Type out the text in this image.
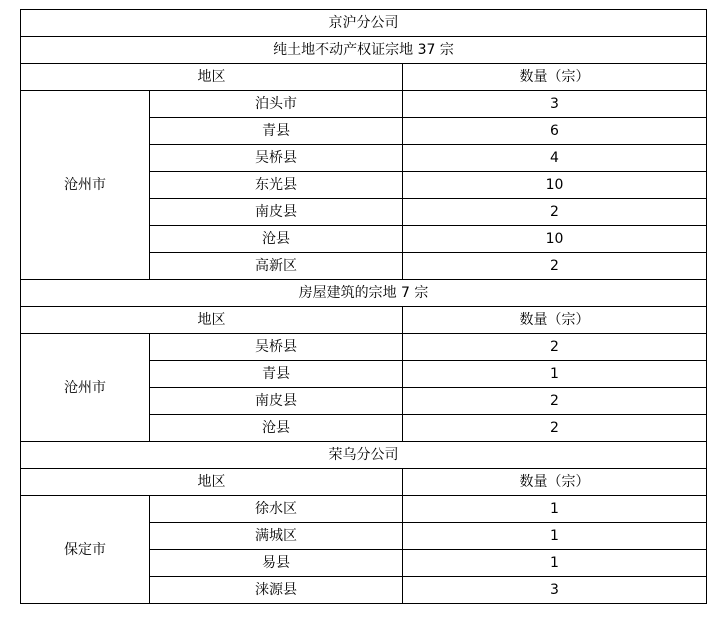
京沪分公司		
纯土地不动产权证宗地 37 宗		
地区		数量（宗）
沧州市	泊头市	3
	青县	6
	吴桥县	4
	东光县	10
	南皮县	2
	沧县	10
	高新区	2
房屋建筑的宗地 7 宗		
地区		数量（宗）
沧州市	吴桥县	2
	青县	1
	南皮县	2
	沧县	2
荣乌分公司		
地区		数量（宗）
保定市	徐水区	1
	满城区	1
	易县	1
	涞源县	3
